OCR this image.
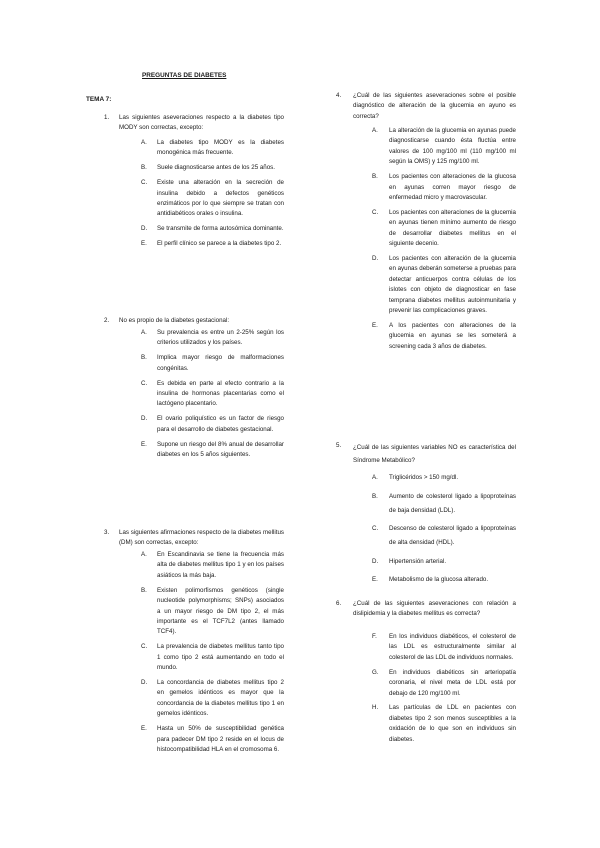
PREGUNTAS DE DIABETES
TEMA 7:
1. Las siguientes aseveraciones respecto a la diabetes tipo MODY son correctas, excepto:
A. La diabetes tipo MODY es la diabetes monogénica más frecuente.
B. Suele diagnosticarse antes de los 25 años.
C. Existe una alteración en la secreción de insulina debido a defectos genéticos enzimáticos por lo que siempre se tratan con antidiabéticos orales o insulina.
D. Se transmite de forma autosómica dominante.
E. El perfil clínico se parece a la diabetes tipo 2.
2. No es propio de la diabetes gestacional:
A. Su prevalencia es entre un 2-25% según los criterios utilizados y los países.
B. Implica mayor riesgo de malformaciones congénitas.
C. Es debida en parte al efecto contrario a la insulina de hormonas placentarias como el lactógeno placentario.
D. El ovario poliquístico es un factor de riesgo para el desarrollo de diabetes gestacional.
E. Supone un riesgo del 8% anual de desarrollar diabetes en los 5 años siguientes.
3. Las siguientes afirmaciones respecto de la diabetes mellitus (DM) son correctas, excepto:
A. En Escandinavia se tiene la frecuencia más alta de diabetes mellitus tipo 1 y en los países asiáticos la más baja.
B. Existen polimorfismos genéticos (single nucleotide polymorphisms; SNPs) asociados a un mayor riesgo de DM tipo 2, el más importante es el TCF7L2 (antes llamado TCF4).
C. La prevalencia de diabetes mellitus tanto tipo 1 como tipo 2 está aumentando en todo el mundo.
D. La concordancia de diabetes mellitus tipo 2 en gemelos idénticos es mayor que la concordancia de la diabetes mellitus tipo 1 en gemelos idénticos.
E. Hasta un 50% de susceptibilidad genética para padecer DM tipo 2 reside en el locus de histocompatibilidad HLA en el cromosoma 6.
4. ¿Cuál de las siguientes aseveraciones sobre el posible diagnóstico de alteración de la glucemia en ayuno es correcta?
A. La alteración de la glucemia en ayunas puede diagnosticarse cuando ésta fluctúa entre valores de 100 mg/100 ml (110 mg/100 ml según la OMS) y 125 mg/100 ml.
B. Los pacientes con alteraciones de la glucosa en ayunas corren mayor riesgo de enfermedad micro y macrovascular.
C. Los pacientes con alteraciones de la glucemia en ayunas tienen mínimo aumento de riesgo de desarrollar diabetes mellitus en el siguiente decenio.
D. Los pacientes con alteración de la glucemia en ayunas deberán someterse a pruebas para detectar anticuerpos contra células de los islotes con objeto de diagnosticar en fase temprana diabetes mellitus autoinmunitaria y prevenir las complicaciones graves.
E. A los pacientes con alteraciones de la glucemia en ayunas se les someterá a screening cada 3 años de diabetes.
5. ¿Cuál de las siguientes variables NO es característica del Síndrome Metabólico?
A. Triglicéridos > 150 mg/dl.
B. Aumento de colesterol ligado a lipoproteínas de baja densidad (LDL).
C. Descenso de colesterol ligado a lipoproteínas de alta densidad (HDL).
D. Hipertensión arterial.
E. Metabolismo de la glucosa alterado.
6. ¿Cuál de las siguientes aseveraciones con relación a dislipidemia y la diabetes mellitus es correcta?
F. En los individuos diabéticos, el colesterol de las LDL es estructuralmente similar al colesterol de las LDL de individuos normales.
G. En individuos diabéticos sin arteriopatía coronaria, el nivel meta de LDL está por debajo de 120 mg/100 ml.
H. Las partículas de LDL en pacientes con diabetes tipo 2 son menos susceptibles a la oxidación de lo que son en individuos sin diabetes.
